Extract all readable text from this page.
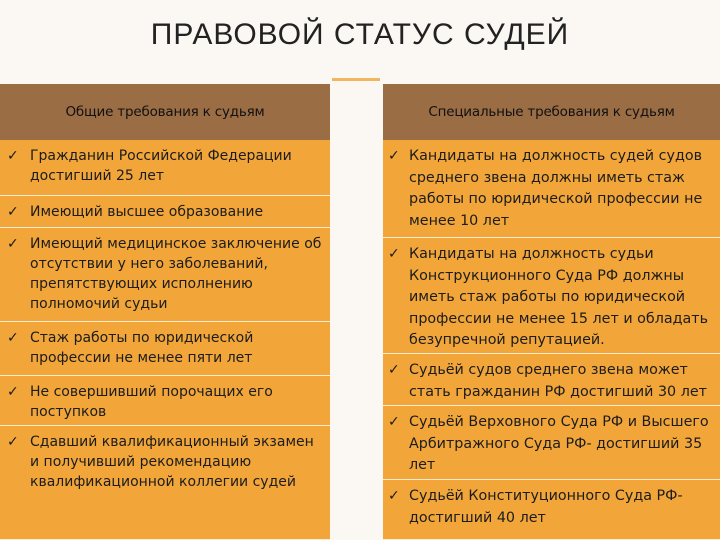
ПРАВОВОЙ СТАТУС СУДЕЙ
Общие требования к судьям
✓ Гражданин Российской Федерации достигший 25 лет
✓ Имеющий высшее образование
✓ Имеющий медицинское заключение об отсутствии у него заболеваний, препятствующих исполнению полномочий судьи
✓ Стаж работы по юридической профессии не менее пяти лет
✓ Не совершивший порочащих его поступков
✓ Сдавший квалификационный экзамен и получивший рекомендацию квалификационной коллегии судей
Специальные требования к судьям
✓ Кандидаты на должность судей судов среднего звена должны иметь стаж работы по юридической профессии не менее 10 лет
✓ Кандидаты на должность судьи Конструкционного Суда РФ должны иметь стаж работы по юридической профессии не менее 15 лет и обладать безупречной репутацией.
✓ Судьёй судов среднего звена может стать гражданин РФ достигший 30 лет
✓ Судьёй Верховного Суда РФ и Высшего Арбитражного Суда РФ- достигший 35 лет
✓ Судьёй Конституционного Суда РФ- достигший 40 лет
